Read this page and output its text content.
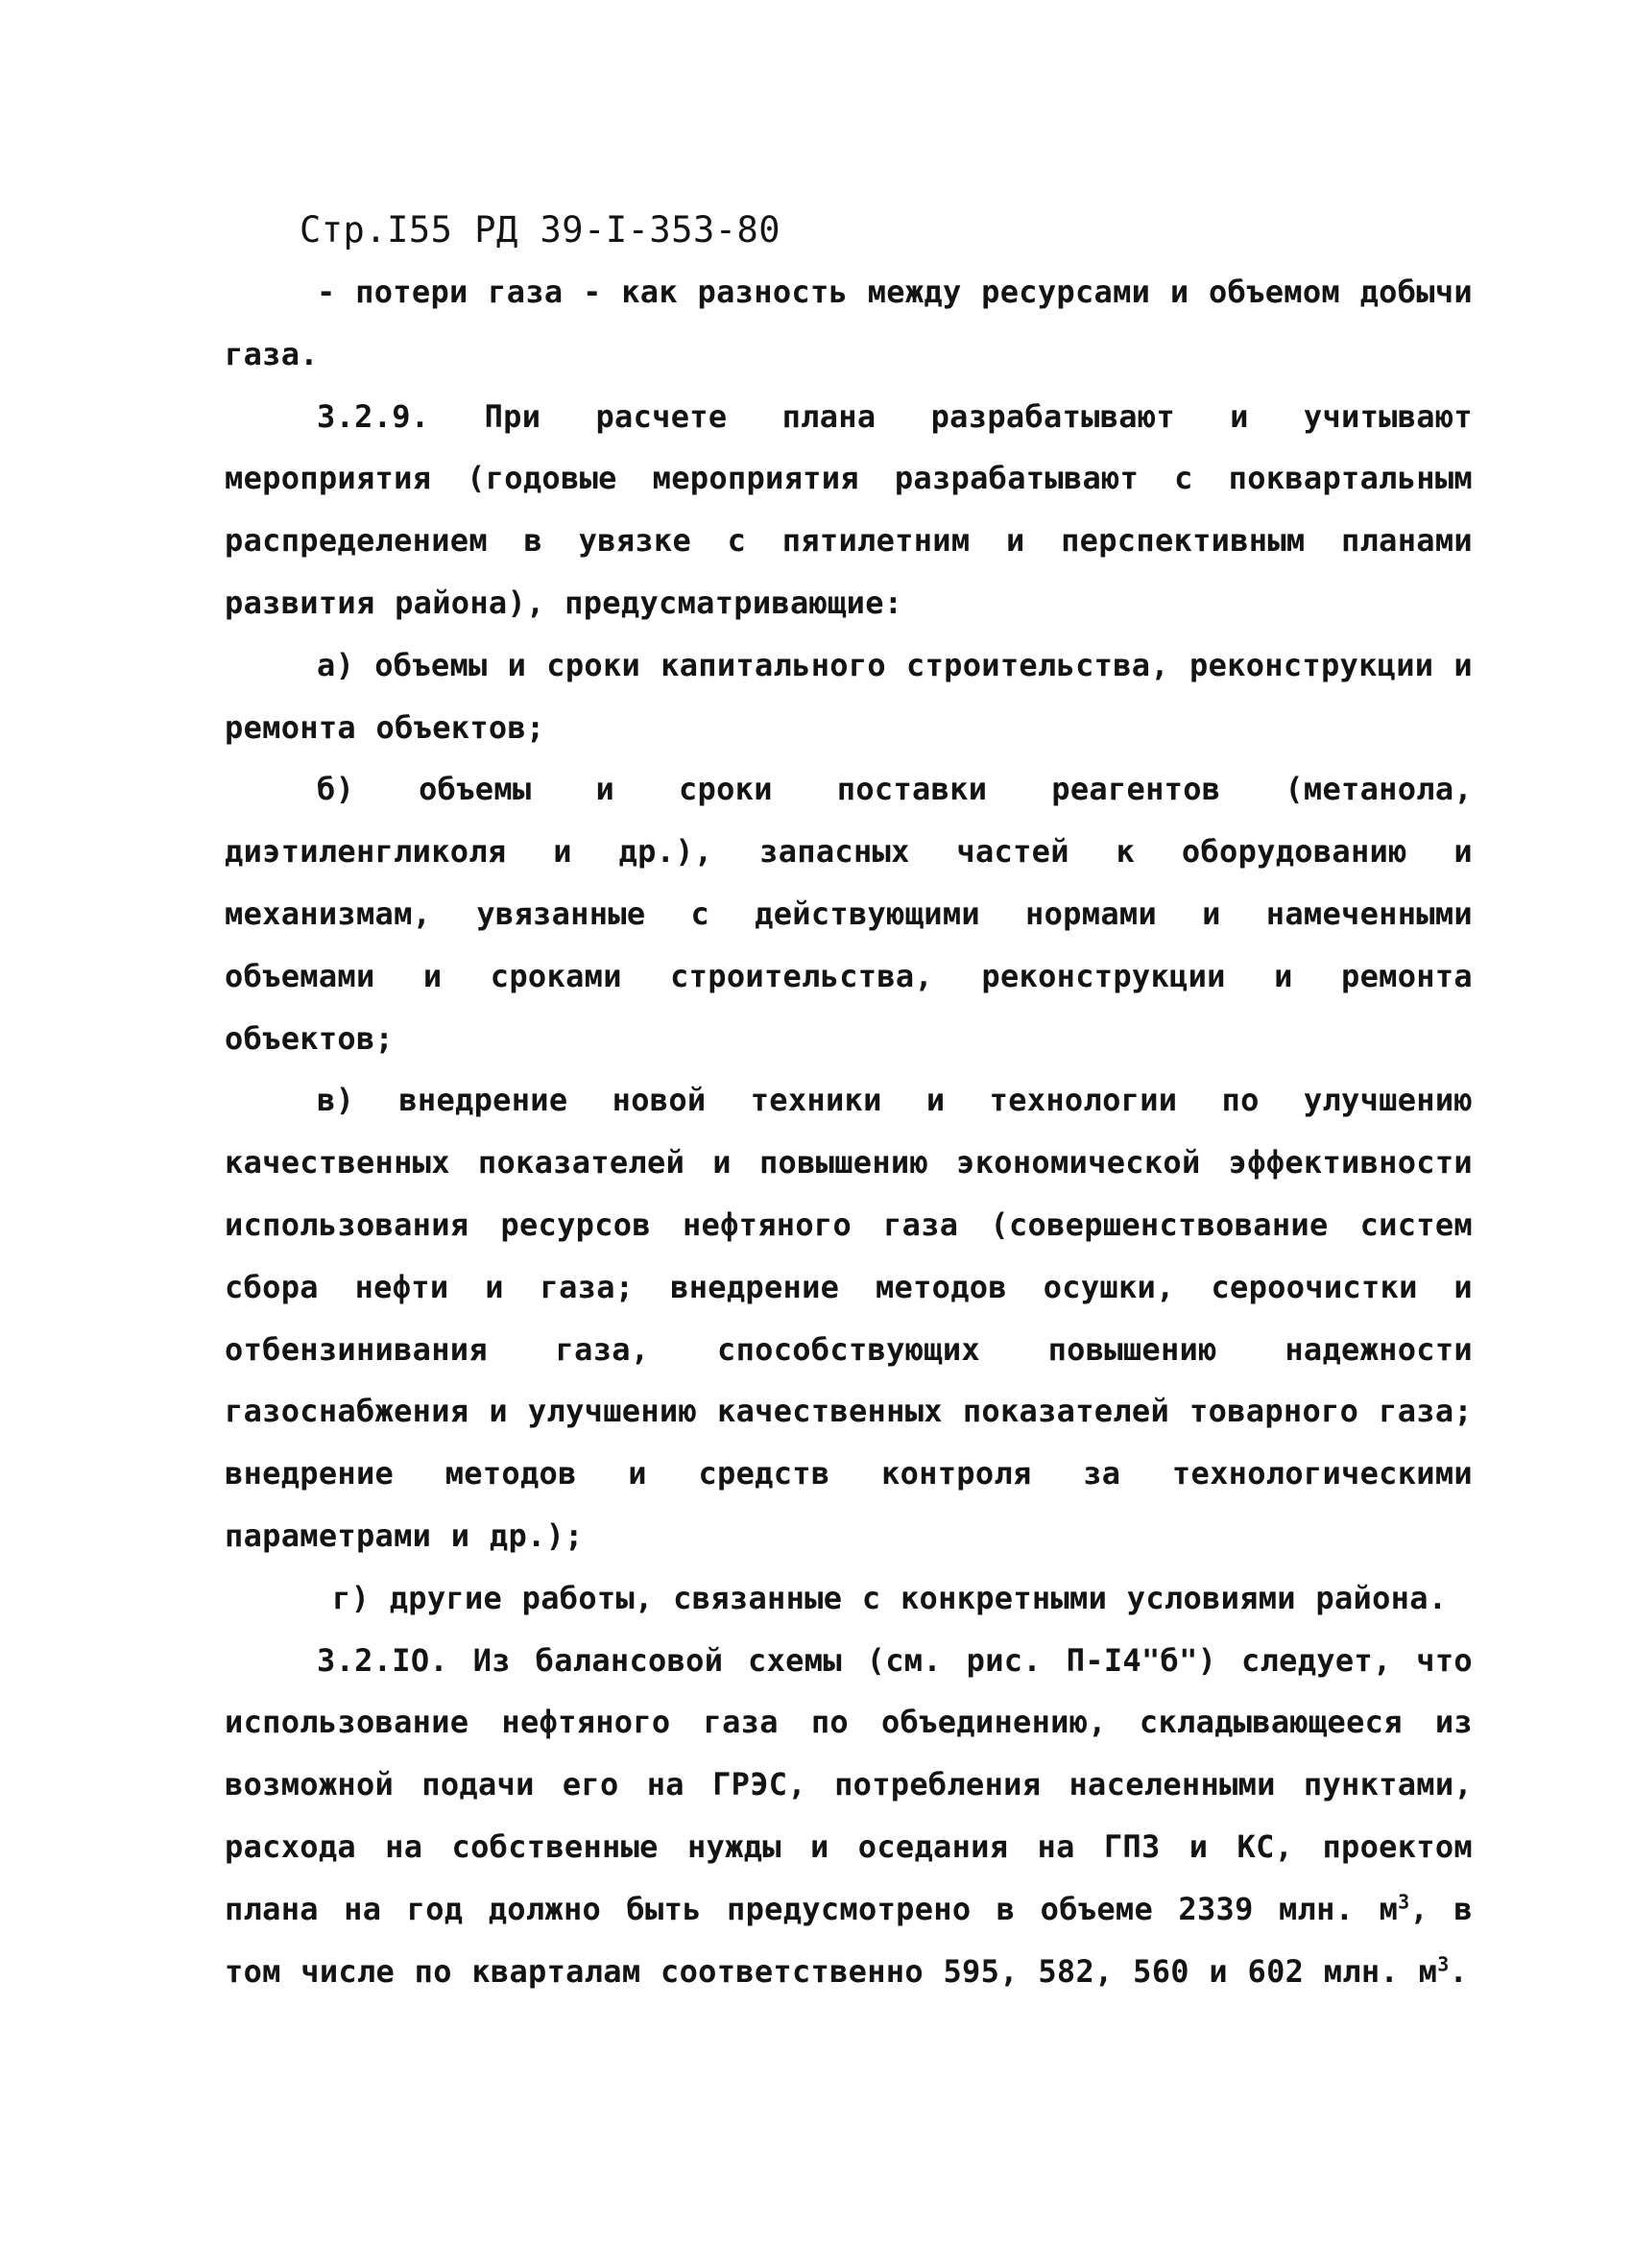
Стр.I55 РД 39-I-353-80

- потери газа - как разность между ресурсами и объемом добычи газа.

3.2.9. При расчете плана разрабатывают и учитывают мероприятия (годовые мероприятия разрабатывают с поквартальным распределением в увязке с пятилетним и перспективным планами развития района), предусматривающие:

а) объемы и сроки капитального строительства, реконструкции и ремонта объектов;

б) объемы и сроки поставки реагентов (метанола, диэтиленгликоля и др.), запасных частей к оборудованию и механизмам, увязанные с действующими нормами и намеченными объемами и сроками строительства, реконструкции и ремонта объектов;

в) внедрение новой техники и технологии по улучшению качественных показателей и повышению экономической эффективности использования ресурсов нефтяного газа (совершенствование систем сбора нефти и газа; внедрение методов осушки, сероочистки и отбензинивания газа, способствующих повышению надежности газоснабжения и улучшению качественных показателей товарного газа; внедрение методов и средств контроля за технологическими параметрами и др.);

г) другие работы, связанные с конкретными условиями района.

3.2.IO. Из балансовой схемы (см. рис. П-I4"б") следует, что использование нефтяного газа по объединению, складывающееся из возможной подачи его на ГРЭС, потребления населенными пунктами, расхода на собственные нужды и оседания на ГПЗ и КС, проектом плана на год должно быть предусмотрено в объеме 2339 млн. $м^3$, в том числе по кварталам соответственно 595, 582, 560 и 602 млн. $м^3$.
